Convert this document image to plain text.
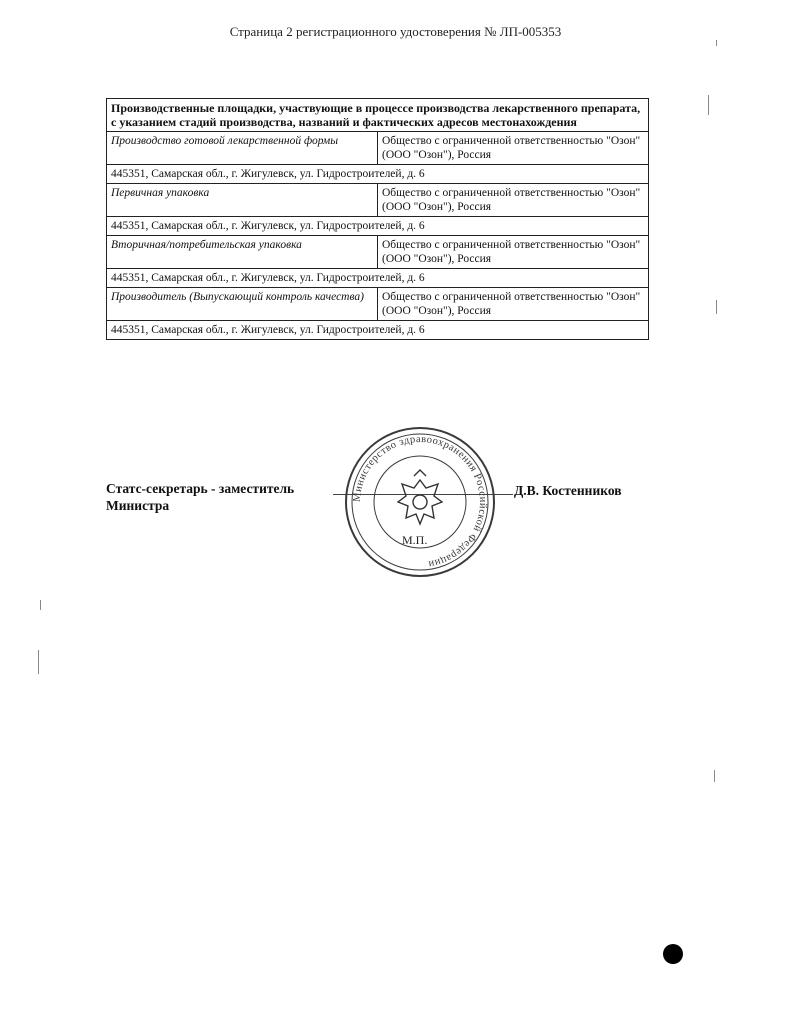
Страница 2 регистрационного удостоверения № ЛП-005353
Производственные площадки, участвующие в процессе производства лекарственного препарата, с указанием стадий производства, названий и фактических адресов местонахождения	
Производство готовой лекарственной формы	Общество с ограниченной ответственностью "Озон" (ООО "Озон"), Россия
445351, Самарская обл., г. Жигулевск, ул. Гидростроителей, д. 6	
Первичная упаковка	Общество с ограниченной ответственностью "Озон" (ООО "Озон"), Россия
445351, Самарская обл., г. Жигулевск, ул. Гидростроителей, д. 6	
Вторичная/потребительская упаковка	Общество с ограниченной ответственностью "Озон" (ООО "Озон"), Россия
445351, Самарская обл., г. Жигулевск, ул. Гидростроителей, д. 6	
Производитель (Выпускающий контроль качества)	Общество с ограниченной ответственностью "Озон" (ООО "Озон"), Россия
445351, Самарская обл., г. Жигулевск, ул. Гидростроителей, д. 6	
Статс-секретарь - заместитель
Министра
Министерство здравоохранения Российской Федерации
М.П.
Д.В. Костенников
